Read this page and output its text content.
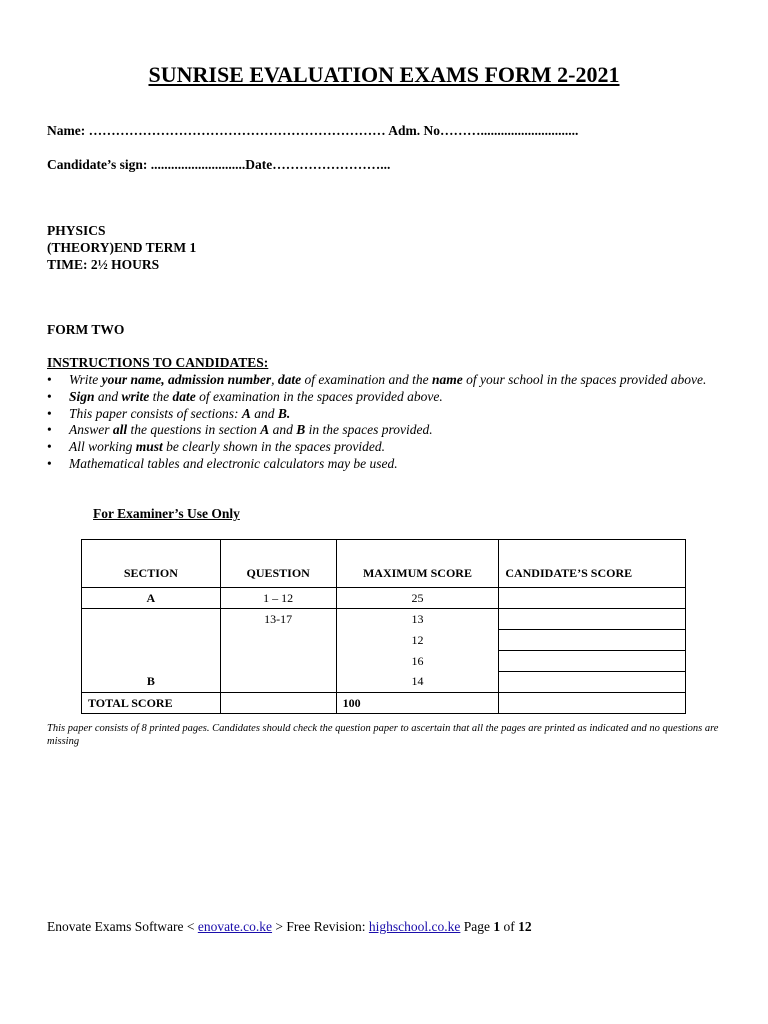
SUNRISE EVALUATION EXAMS FORM 2-2021
Name: ………………………………………………………… Adm. No……….............................
Candidate’s sign: ............................Date……………………...
PHYSICS
(THEORY)END TERM 1
TIME: 2½ HOURS
FORM TWO
INSTRUCTIONS TO CANDIDATES:
• Write your name, admission number, date of examination and the name of your school in the spaces provided above.
• Sign and write the date of examination in the spaces provided above.
• This paper consists of sections: A and B.
• Answer all the questions in section A and B in the spaces provided.
• All working must be clearly shown in the spaces provided.
• Mathematical tables and electronic calculators may be used.
For Examiner’s Use Only
SECTION	QUESTION	MAXIMUM SCORE	CANDIDATE’S SCORE
A	1 – 12	25	
	13-17	13	
		12	
		16	
B		14	
TOTAL SCORE		100	
This paper consists of 8 printed pages. Candidates should check the question paper to ascertain that all the pages are printed as indicated and no questions are missing
Enovate Exams Software < enovate.co.ke > Free Revision: highschool.co.ke Page 1 of 12
